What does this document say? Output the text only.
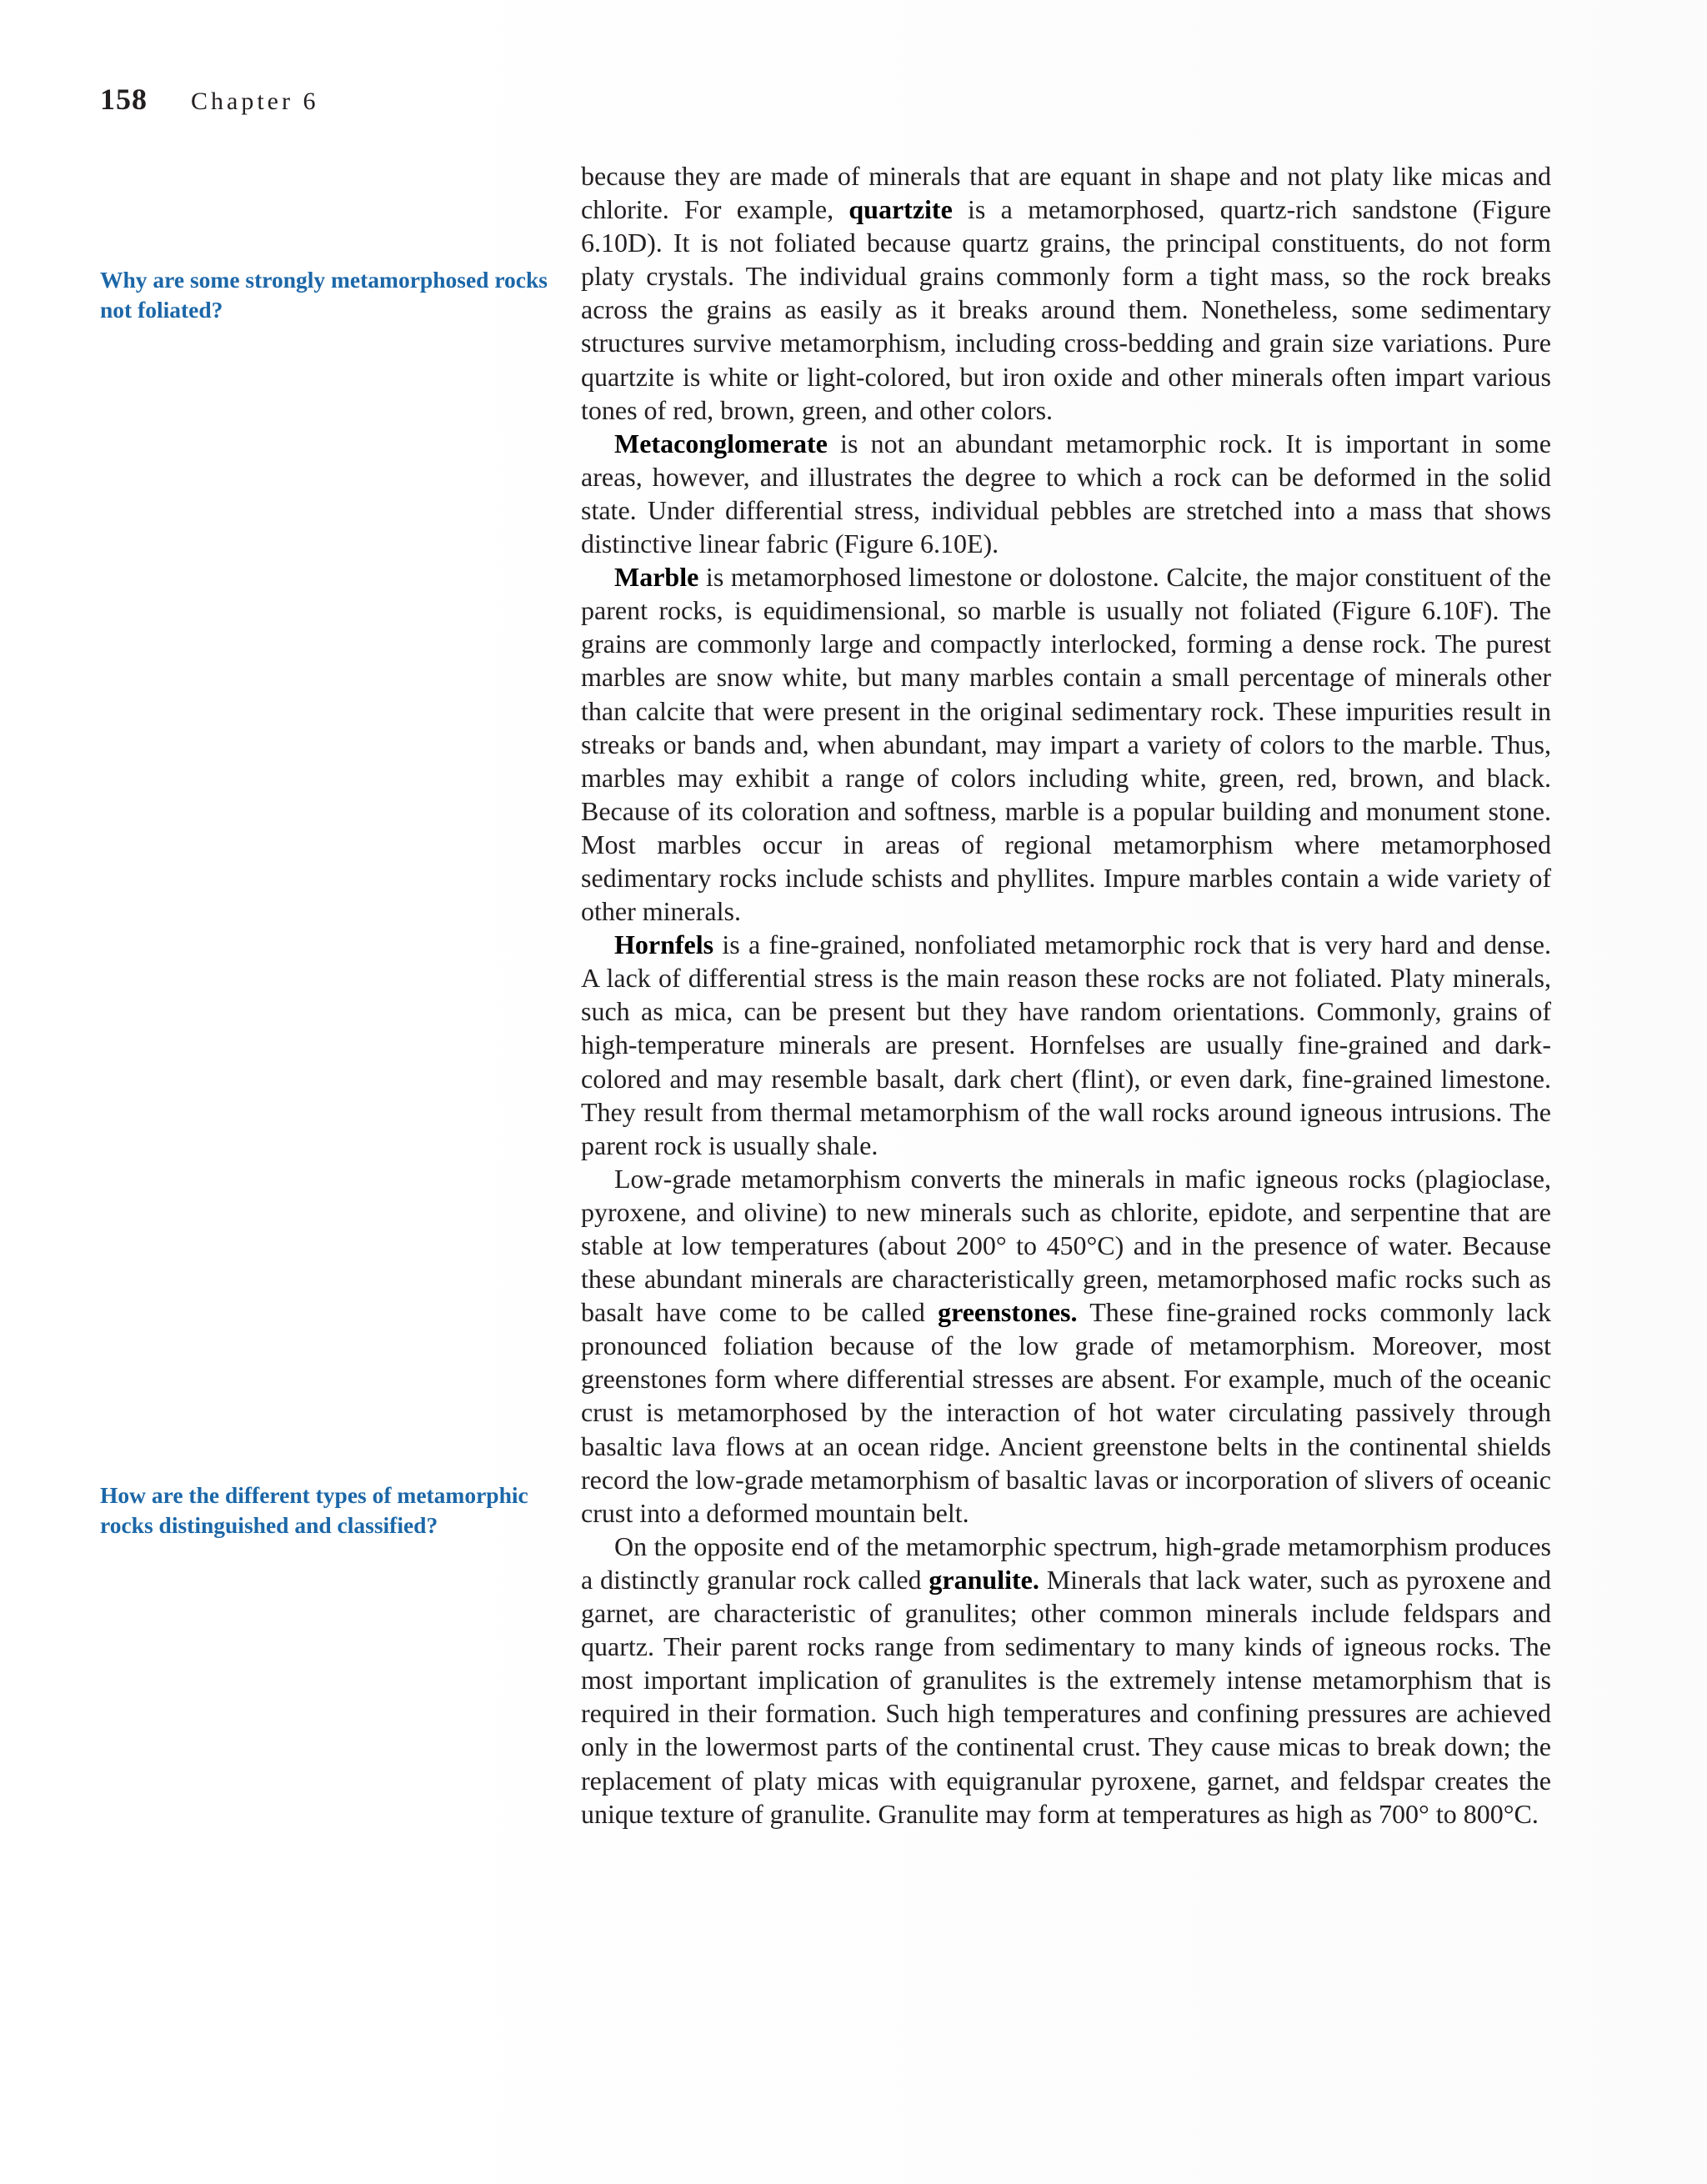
158 Chapter 6
Why are some strongly metamorphosed rocks not foliated?
How are the different types of metamorphic rocks distinguished and classified?

because they are made of minerals that are equant in shape and not platy like micas and chlorite. For example, quartzite is a metamorphosed, quartz-rich sandstone (Figure 6.10D). It is not foliated because quartz grains, the principal constituents, do not form platy crystals. The individual grains commonly form a tight mass, so the rock breaks across the grains as easily as it breaks around them. Nonetheless, some sedimentary structures survive metamorphism, including cross-bedding and grain size variations. Pure quartzite is white or light-colored, but iron oxide and other minerals often impart various tones of red, brown, green, and other colors.

Metaconglomerate is not an abundant metamorphic rock. It is important in some areas, however, and illustrates the degree to which a rock can be deformed in the solid state. Under differential stress, individual pebbles are stretched into a mass that shows distinctive linear fabric (Figure 6.10E).

Marble is metamorphosed limestone or dolostone. Calcite, the major constituent of the parent rocks, is equidimensional, so marble is usually not foliated (Figure 6.10F). The grains are commonly large and compactly interlocked, forming a dense rock. The purest marbles are snow white, but many marbles contain a small percentage of minerals other than calcite that were present in the original sedimentary rock. These impurities result in streaks or bands and, when abundant, may impart a variety of colors to the marble. Thus, marbles may exhibit a range of colors including white, green, red, brown, and black. Because of its coloration and softness, marble is a popular building and monument stone. Most marbles occur in areas of regional metamorphism where metamorphosed sedimentary rocks include schists and phyllites. Impure marbles contain a wide variety of other minerals.

Hornfels is a fine-grained, nonfoliated metamorphic rock that is very hard and dense. A lack of differential stress is the main reason these rocks are not foliated. Platy minerals, such as mica, can be present but they have random orientations. Commonly, grains of high-temperature minerals are present. Hornfelses are usually fine-grained and dark-colored and may resemble basalt, dark chert (flint), or even dark, fine-grained limestone. They result from thermal metamorphism of the wall rocks around igneous intrusions. The parent rock is usually shale.

Low-grade metamorphism converts the minerals in mafic igneous rocks (plagioclase, pyroxene, and olivine) to new minerals such as chlorite, epidote, and serpentine that are stable at low temperatures (about 200° to 450°C) and in the presence of water. Because these abundant minerals are characteristically green, metamorphosed mafic rocks such as basalt have come to be called greenstones. These fine-grained rocks commonly lack pronounced foliation because of the low grade of metamorphism. Moreover, most greenstones form where differential stresses are absent. For example, much of the oceanic crust is metamorphosed by the interaction of hot water circulating passively through basaltic lava flows at an ocean ridge. Ancient greenstone belts in the continental shields record the low-grade metamorphism of basaltic lavas or incorporation of slivers of oceanic crust into a deformed mountain belt.

On the opposite end of the metamorphic spectrum, high-grade metamorphism produces a distinctly granular rock called granulite. Minerals that lack water, such as pyroxene and garnet, are characteristic of granulites; other common minerals include feldspars and quartz. Their parent rocks range from sedimentary to many kinds of igneous rocks. The most important implication of granulites is the extremely intense metamorphism that is required in their formation. Such high temperatures and confining pressures are achieved only in the lowermost parts of the continental crust. They cause micas to break down; the replacement of platy micas with equigranular pyroxene, garnet, and feldspar creates the unique texture of granulite. Granulite may form at temperatures as high as 700° to 800°C.
